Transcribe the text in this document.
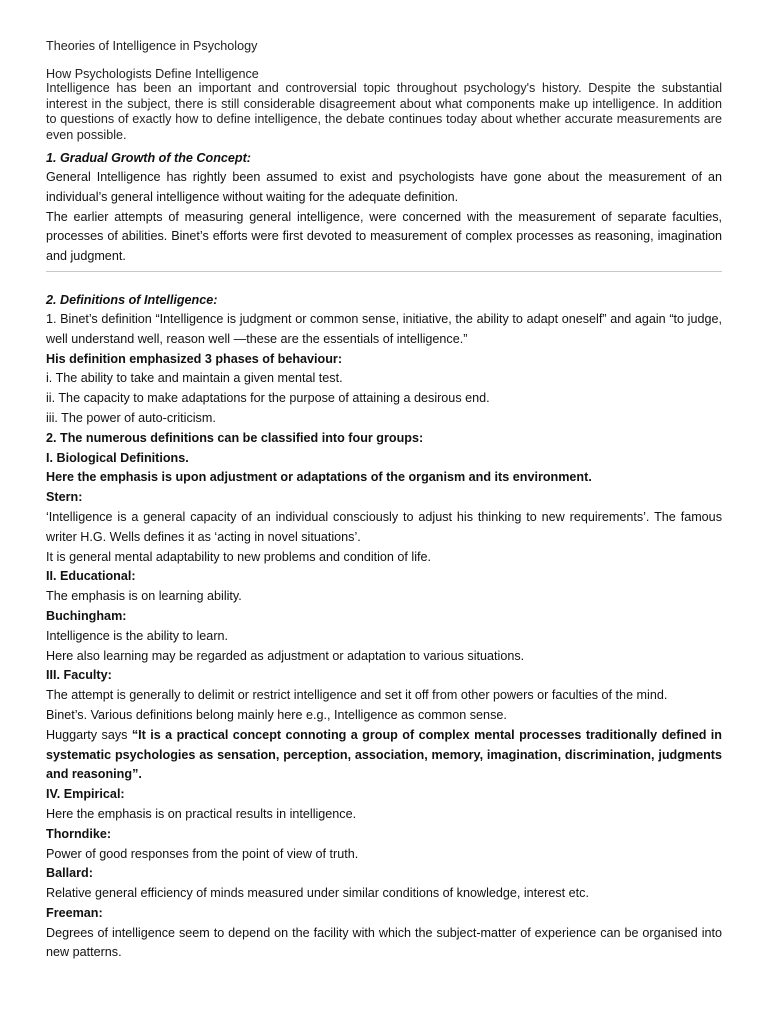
Theories of Intelligence in Psychology

How Psychologists Define Intelligence

Intelligence has been an important and controversial topic throughout psychology's history. Despite the substantial interest in the subject, there is still considerable disagreement about what components make up intelligence. In addition to questions of exactly how to define intelligence, the debate continues today about whether accurate measurements are even possible.

1. Gradual Growth of the Concept:

General Intelligence has rightly been assumed to exist and psychologists have gone about the measurement of an individual’s general intelligence without waiting for the adequate definition.

The earlier attempts of measuring general intelligence, were concerned with the measurement of separate faculties, processes of abilities. Binet’s efforts were first devoted to measurement of complex processes as reasoning, imagination and judgment.

2. Definitions of Intelligence:

1. Binet’s definition “Intelligence is judgment or common sense, initiative, the ability to adapt oneself” and again “to judge, well understand well, reason well —these are the essentials of intelligence.”

His definition emphasized 3 phases of behaviour:

i. The ability to take and maintain a given mental test.

ii. The capacity to make adaptations for the purpose of attaining a desirous end.

iii. The power of auto-criticism.

2. The numerous definitions can be classified into four groups:

I. Biological Definitions.

Here the emphasis is upon adjustment or adaptations of the organism and its environment.

Stern:

‘Intelligence is a general capacity of an individual consciously to adjust his thinking to new requirements’. The famous writer H.G. Wells defines it as ‘acting in novel situations’.

It is general mental adaptability to new problems and condition of life.

II. Educational:

The emphasis is on learning ability.

Buchingham:

Intelligence is the ability to learn.

Here also learning may be regarded as adjustment or adaptation to various situations.

III. Faculty:

The attempt is generally to delimit or restrict intelligence and set it off from other powers or faculties of the mind.

Binet’s. Various definitions belong mainly here e.g., Intelligence as common sense.

Huggarty says “It is a practical concept connoting a group of complex mental processes traditionally defined in systematic psychologies as sensation, perception, association, memory, imagination, discrimination, judgments and reasoning”.

IV. Empirical:

Here the emphasis is on practical results in intelligence.

Thorndike:

Power of good responses from the point of view of truth.

Ballard:

Relative general efficiency of minds measured under similar conditions of knowledge, interest etc.

Freeman:

Degrees of intelligence seem to depend on the facility with which the subject-matter of experience can be organised into new patterns.
